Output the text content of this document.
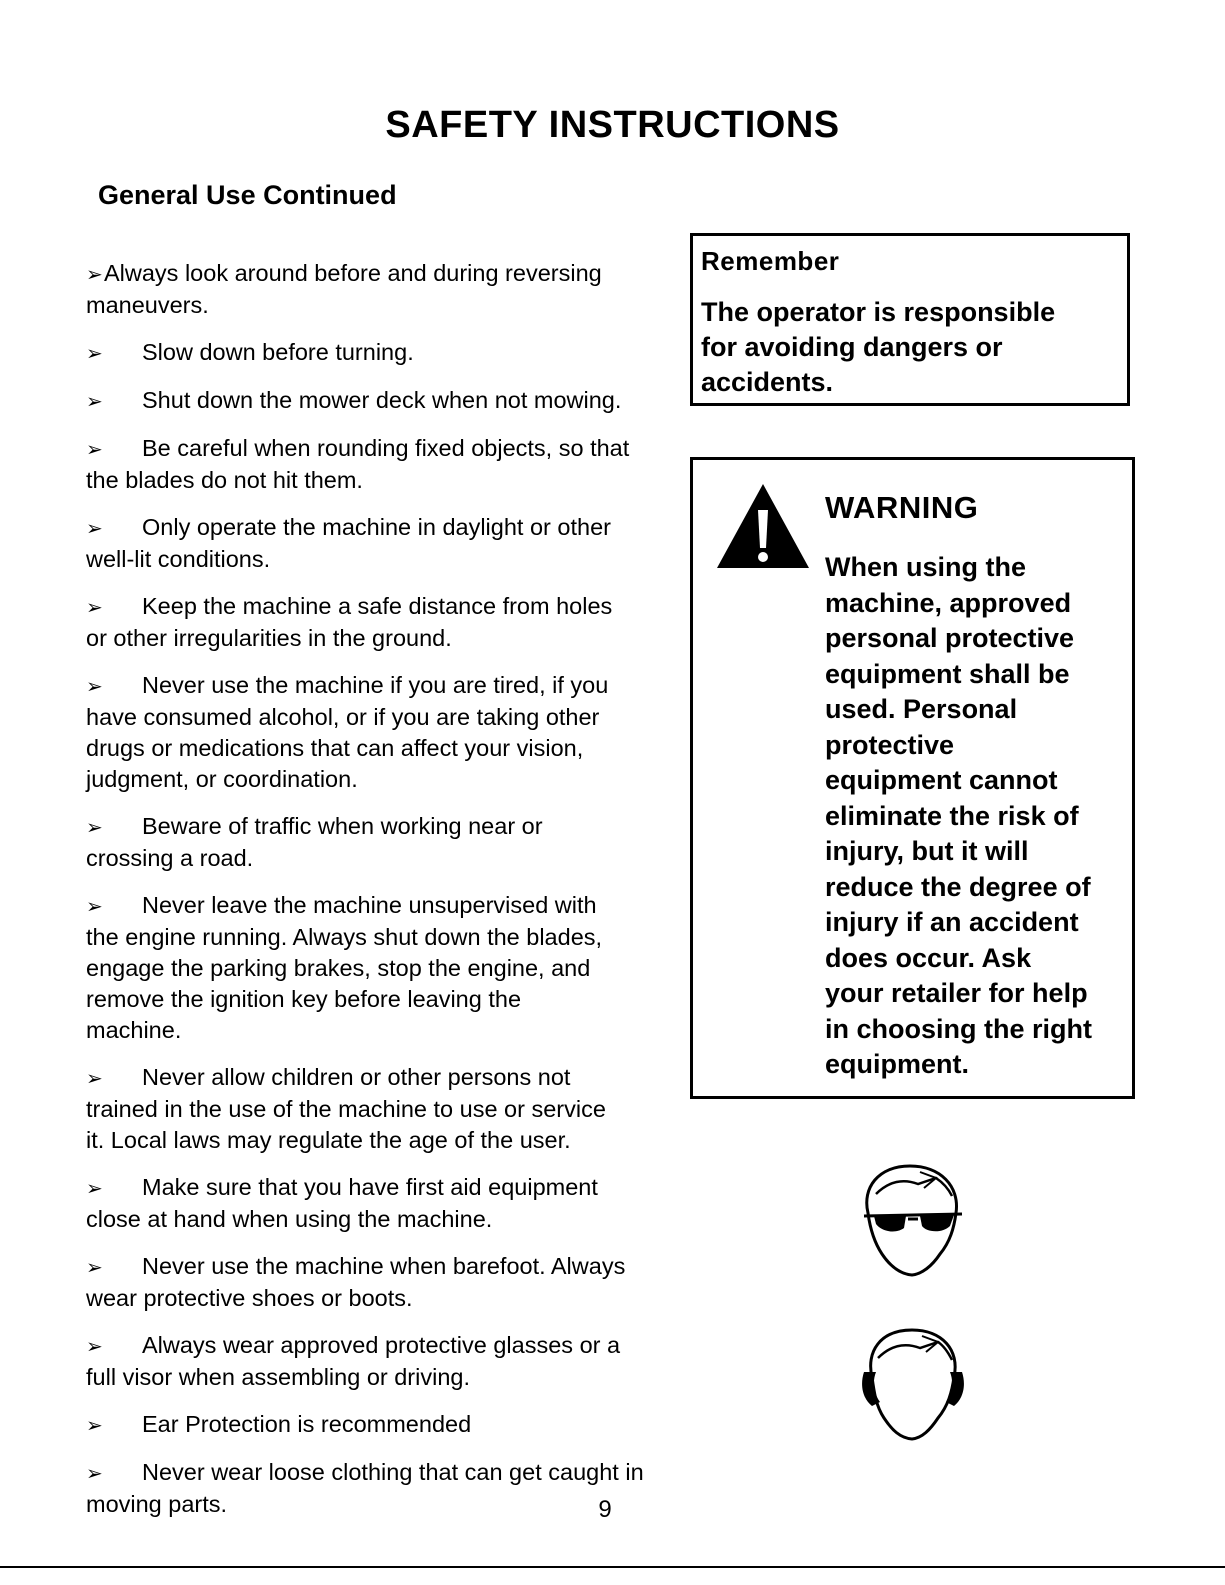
SAFETY INSTRUCTIONS
General Use Continued
➢Always look around before and during reversing
maneuvers.
➢ Slow down before turning.
➢ Shut down the mower deck when not mowing.
➢ Be careful when rounding fixed objects, so that
the blades do not hit them.
➢ Only operate the machine in daylight or other
well-lit conditions.
➢ Keep the machine a safe distance from holes
or other irregularities in the ground.
➢ Never use the machine if you are tired, if you
have consumed alcohol, or if you are taking other
drugs or medications that can affect your vision,
judgment, or coordination.
➢ Beware of traffic when working near or
crossing a road.
➢ Never leave the machine unsupervised with
the engine running. Always shut down the blades,
engage the parking brakes, stop the engine, and
remove the ignition key before leaving the
machine.
➢ Never allow children or other persons not
trained in the use of the machine to use or service
it. Local laws may regulate the age of the user.
➢ Make sure that you have first aid equipment
close at hand when using the machine.
➢ Never use the machine when barefoot. Always
wear protective shoes or boots.
➢ Always wear approved protective glasses or a
full visor when assembling or driving.
➢ Ear Protection is recommended
➢ Never wear loose clothing that can get caught in
moving parts.
Remember
The operator is responsible
for avoiding dangers or
accidents.
WARNING
When using the
machine, approved
personal protective
equipment shall be
used. Personal
protective
equipment cannot
eliminate the risk of
injury, but it will
reduce the degree of
injury if an accident
does occur. Ask
your retailer for help
in choosing the right
equipment.
9
